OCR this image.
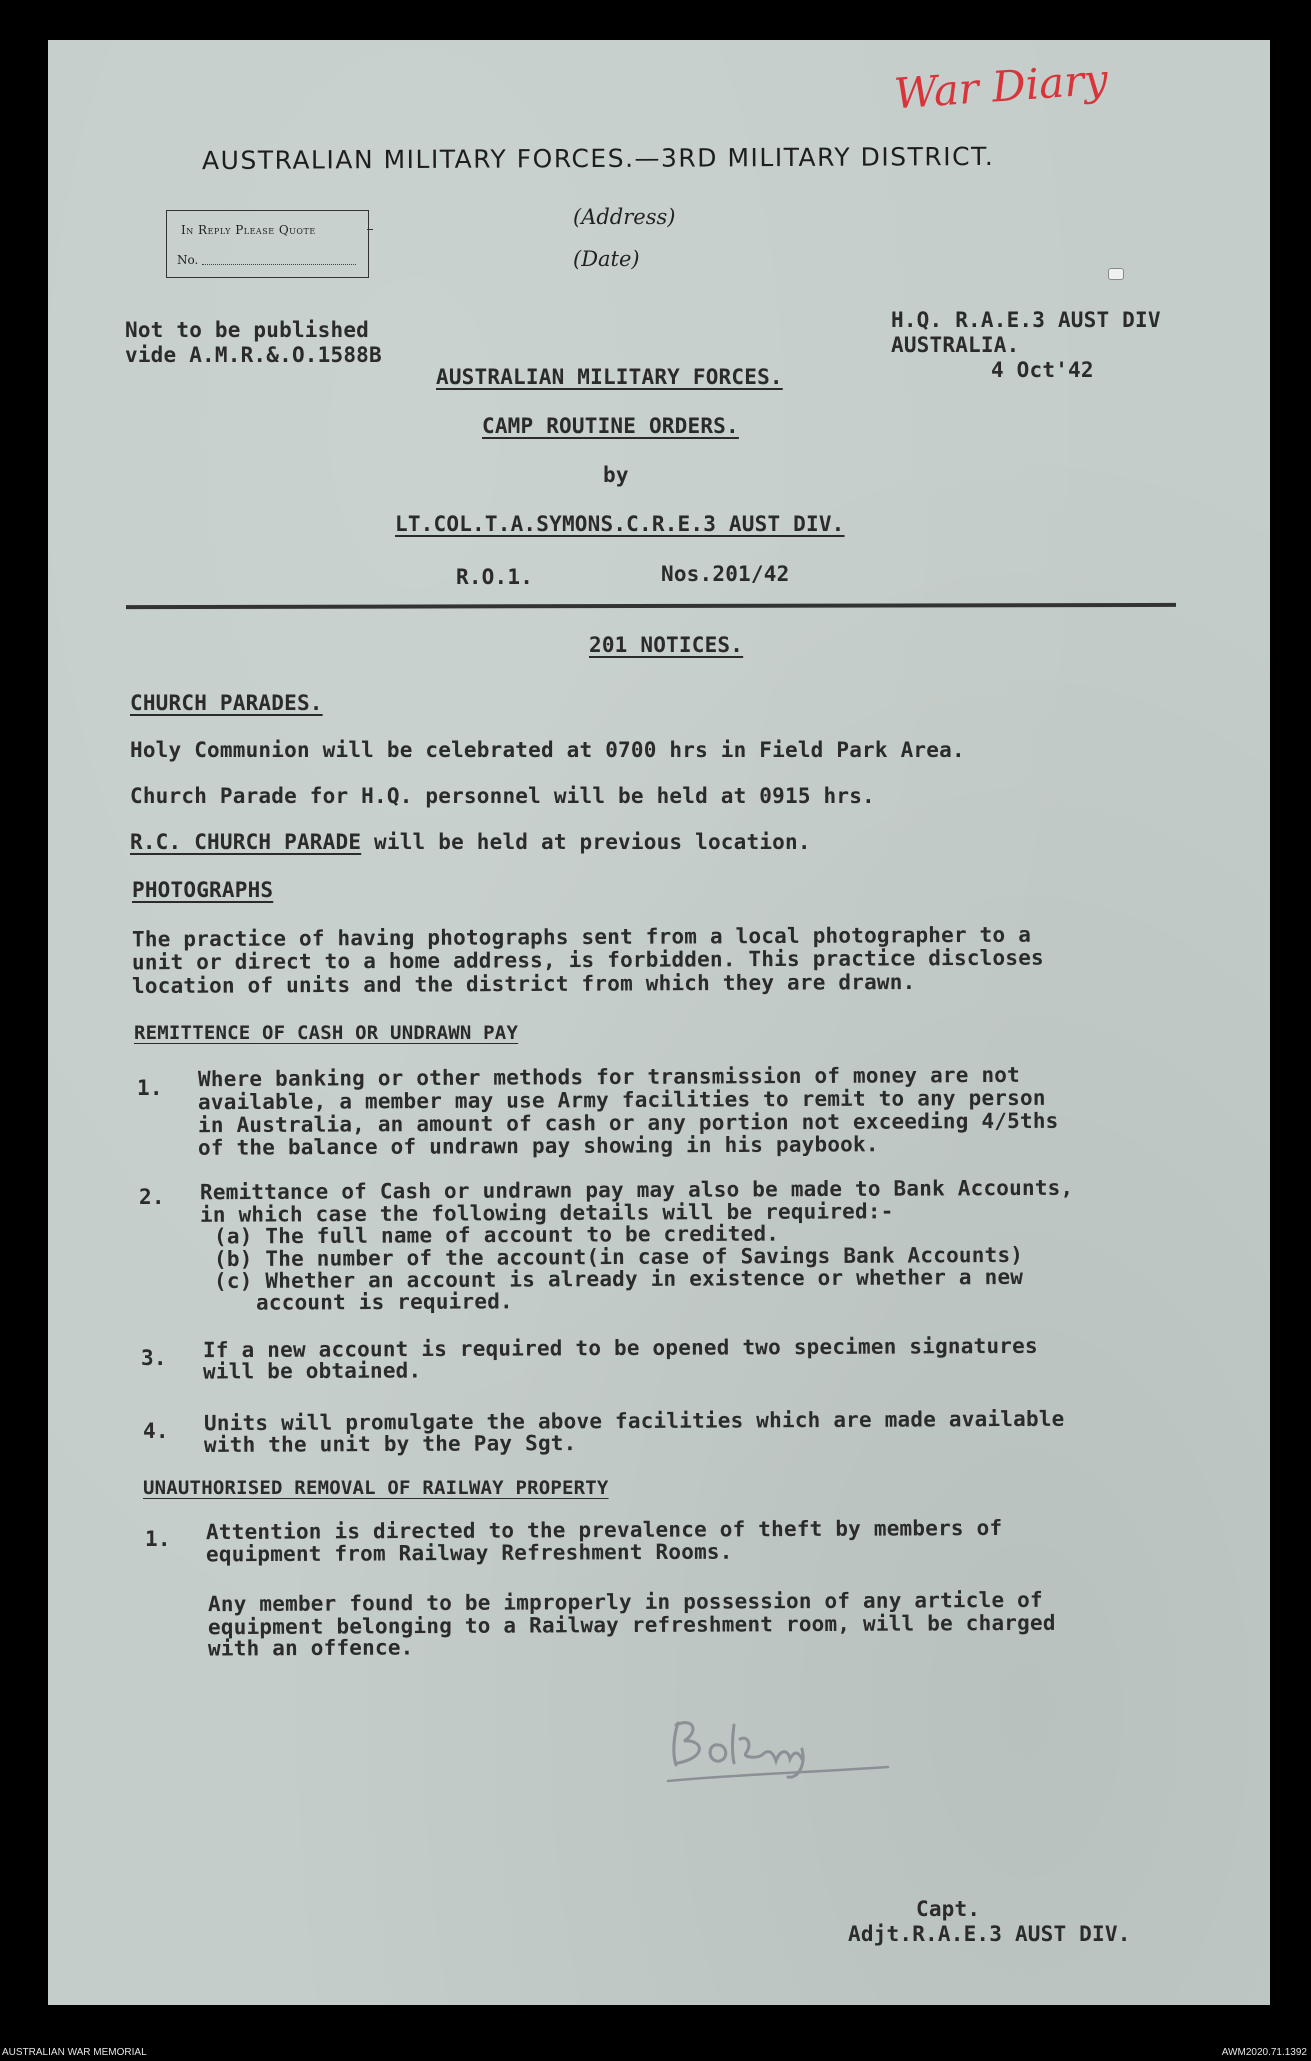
War Diary
AUSTRALIAN MILITARY FORCES.—3RD MILITARY DISTRICT.
In Reply Please Quote
No.
(Address)
(Date)
Not to be published
vide A.M.R.&.O.1588B
H.Q. R.A.E.3 AUST DIV
AUSTRALIA.
4 Oct'42
AUSTRALIAN MILITARY FORCES.
CAMP ROUTINE ORDERS.
by
LT.COL.T.A.SYMONS.C.R.E.3 AUST DIV.
R.O.1.	Nos.201/42
201 NOTICES.
CHURCH PARADES.
Holy Communion will be celebrated at 0700 hrs in Field Park Area.
Church Parade for H.Q. personnel will be held at 0915 hrs.
R.C. CHURCH PARADE will be held at previous location.
PHOTOGRAPHS
The practice of having photographs sent from a local photographer to a
unit or direct to a home address, is forbidden. This practice discloses
location of units and the district from which they are drawn.
REMITTENCE OF CASH OR UNDRAWN PAY
1. Where banking or other methods for transmission of money are not
available, a member may use Army facilities to remit to any person
in Australia, an amount of cash or any portion not exceeding 4/5ths
of the balance of undrawn pay showing in his paybook.
2. Remittance of Cash or undrawn pay may also be made to Bank Accounts,
in which case the following details will be required:-
(a) The full name of account to be credited.
(b) The number of the account(in case of Savings Bank Accounts)
(c) Whether an account is already in existence or whether a new
account is required.
3. If a new account is required to be opened two specimen signatures
will be obtained.
4. Units will promulgate the above facilities which are made available
with the unit by the Pay Sgt.
UNAUTHORISED REMOVAL OF RAILWAY PROPERTY
1. Attention is directed to the prevalence of theft by members of
equipment from Railway Refreshment Rooms.
Any member found to be improperly in possession of any article of
equipment belonging to a Railway refreshment room, will be charged
with an offence.
Capt.
Adjt.R.A.E.3 AUST DIV.
AUSTRALIAN WAR MEMORIAL	AWM2020.71.1392
